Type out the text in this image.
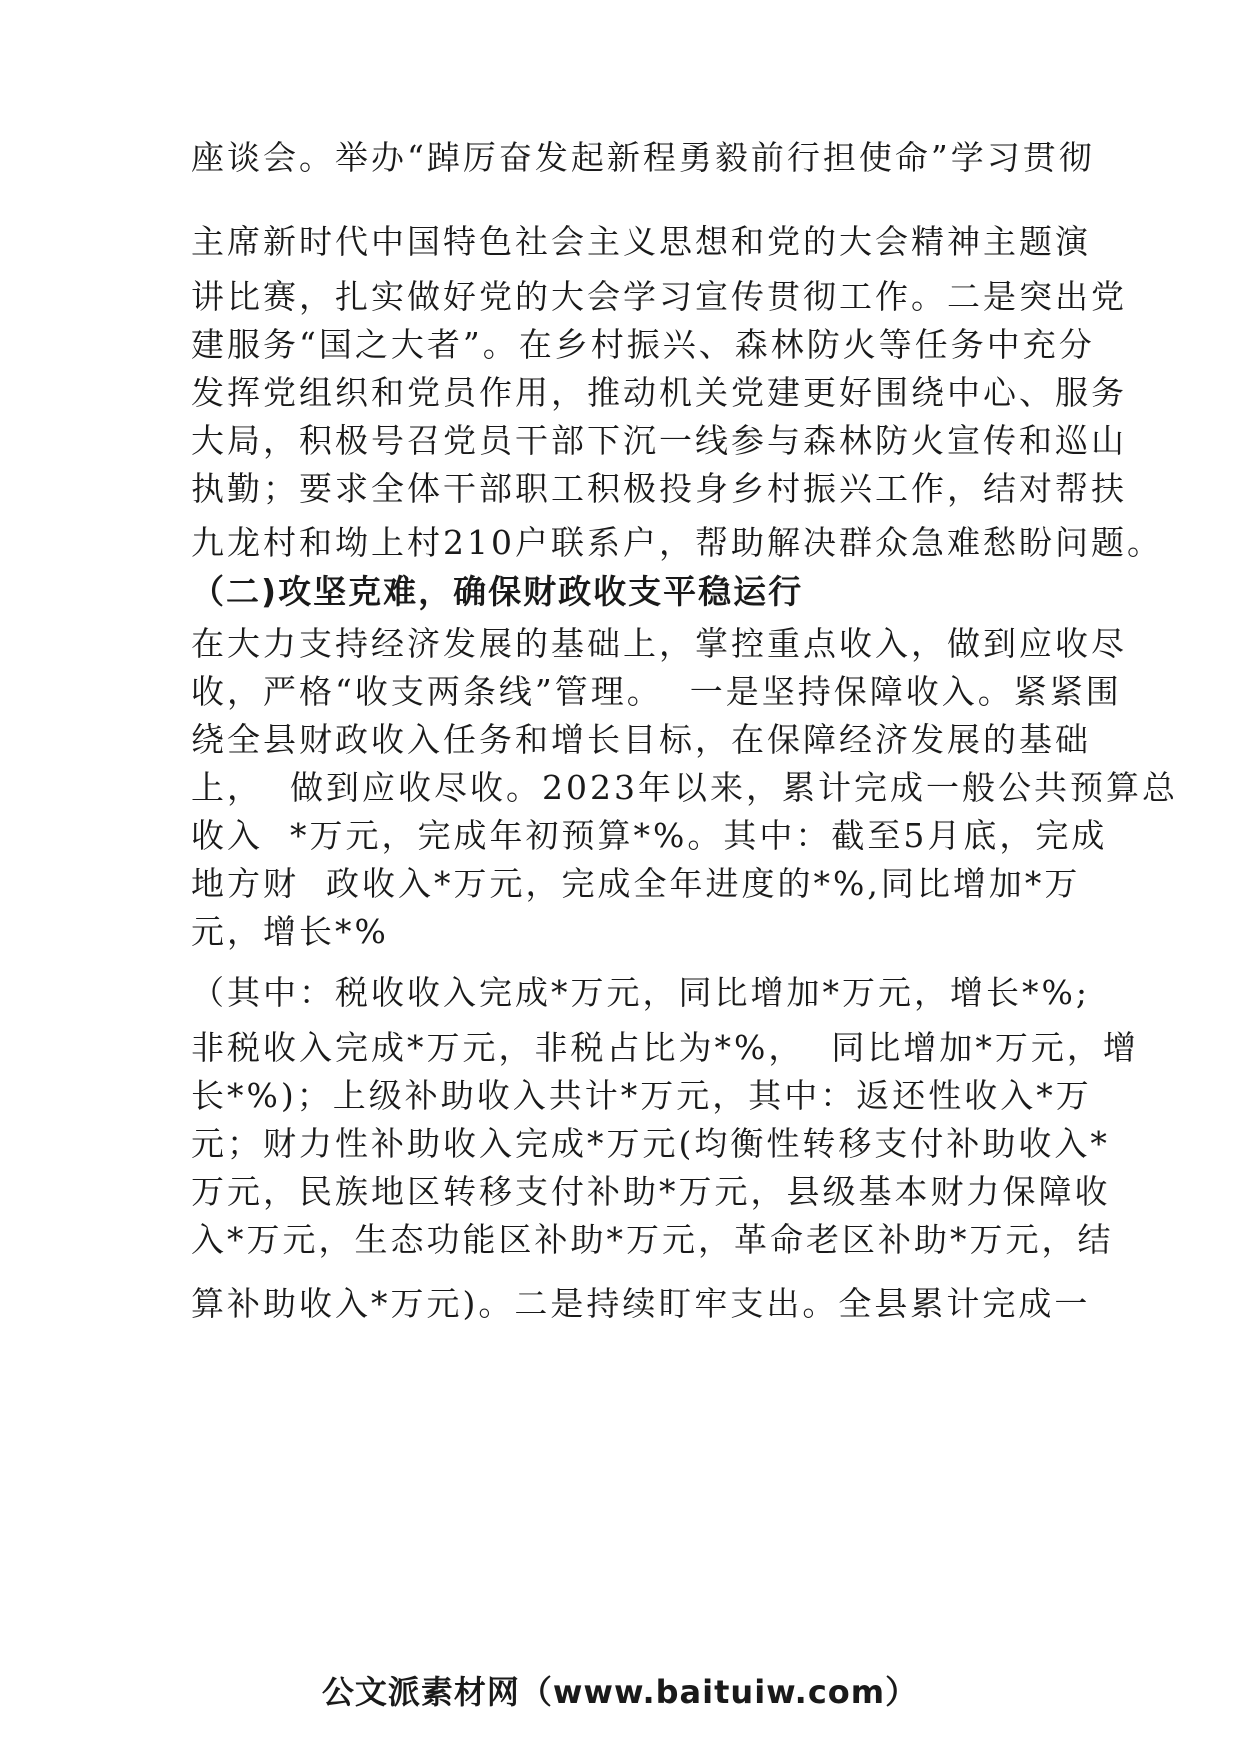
座谈会。举办“踔厉奋发起新程勇毅前行担使命”学习贯彻
主席新时代中国特色社会主义思想和党的大会精神主题演
讲比赛，扎实做好党的大会学习宣传贯彻工作。二是突出党
建服务“国之大者”。在乡村振兴、森林防火等任务中充分
发挥党组织和党员作用，推动机关党建更好围绕中心、服务
大局，积极号召党员干部下沉一线参与森林防火宣传和巡山
执勤；要求全体干部职工积极投身乡村振兴工作，结对帮扶
九龙村和坳上村210户联系户，帮助解决群众急难愁盼问题。
（二)攻坚克难，确保财政收支平稳运行
在大力支持经济发展的基础上，掌控重点收入，做到应收尽
收，严格“收支两条线”管理。  一是坚持保障收入。紧紧围
绕全县财政收入任务和增长目标，在保障经济发展的基础
上，  做到应收尽收。2023年以来，累计完成一般公共预算总
收入  *万元，完成年初预算*%。其中：截至5月底，完成
地方财  政收入*万元，完成全年进度的*%,同比增加*万
元，增长*%
（其中：税收收入完成*万元，同比增加*万元，增长*%;
非税收入完成*万元，非税占比为*%，  同比增加*万元，增
长*%)；上级补助收入共计*万元，其中：返还性收入*万
元；财力性补助收入完成*万元(均衡性转移支付补助收入*
万元，民族地区转移支付补助*万元，县级基本财力保障收
入*万元，生态功能区补助*万元，革命老区补助*万元，结
算补助收入*万元)。二是持续盯牢支出。全县累计完成一
公文派素材网（www.baituiw.com）
